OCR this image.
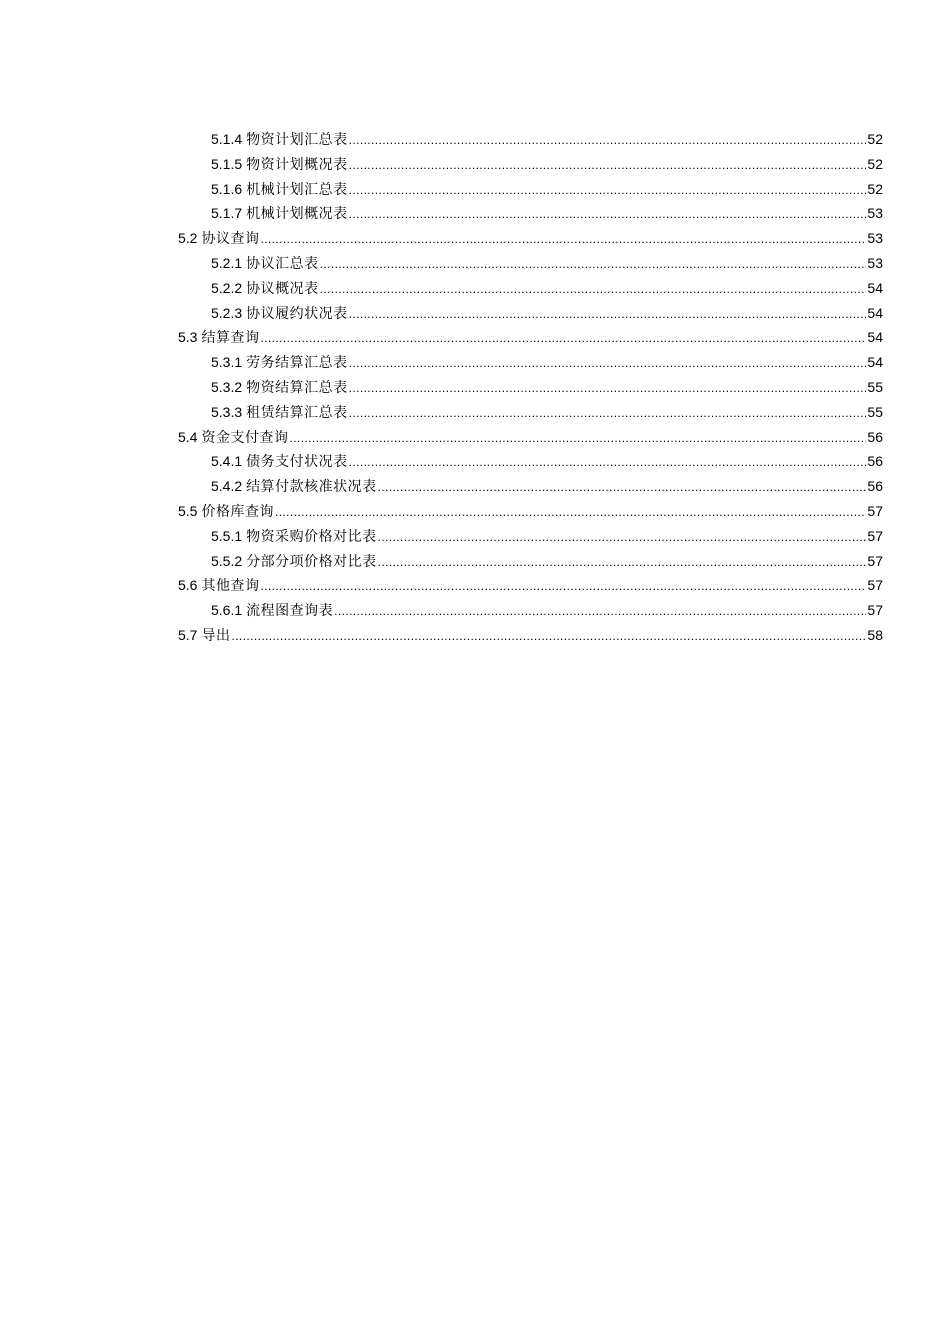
5.1.4 物资计划汇总表 .....	52
5.1.5 物资计划概况表 .....	52
5.1.6 机械计划汇总表 .....	52
5.1.7 机械计划概况表 .....	53
5.2 协议查询 .....	53
5.2.1 协议汇总表 .....	53
5.2.2 协议概况表 .....	54
5.2.3 协议履约状况表 .....	54
5.3 结算查询 .....	54
5.3.1 劳务结算汇总表 .....	54
5.3.2 物资结算汇总表 .....	55
5.3.3 租赁结算汇总表 .....	55
5.4 资金支付查询 .....	56
5.4.1 债务支付状况表 .....	56
5.4.2 结算付款核准状况表 .....	56
5.5 价格库查询 .....	57
5.5.1 物资采购价格对比表 .....	57
5.5.2 分部分项价格对比表 .....	57
5.6 其他查询 .....	57
5.6.1 流程图查询表 .....	57
5.7 导出 .....	58
